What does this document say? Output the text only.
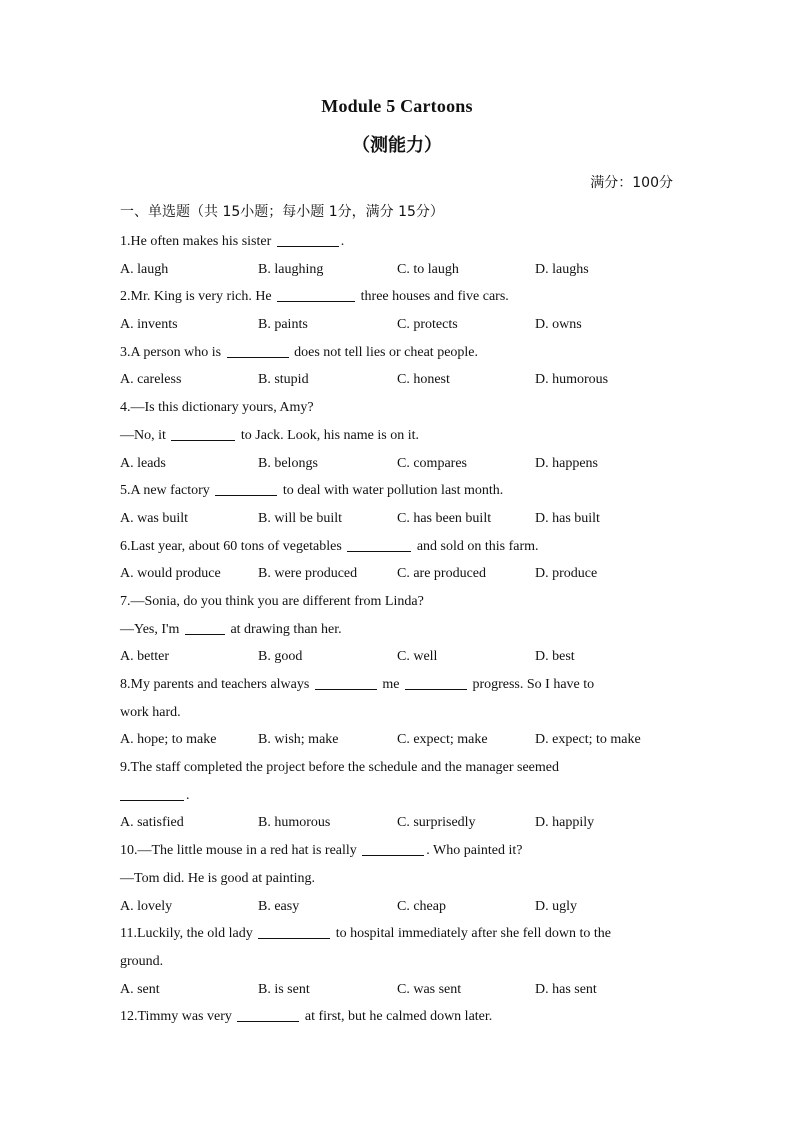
Module 5 Cartoons
（测能力）
满分：100分
一、单选题（共 15小题；每小题 1分，满分 15分）
1.He often makes his sister	.
A. laugh	B. laughing	C. to laugh	D. laughs
2.Mr. King is very rich. He	three houses and five cars.
A. invents	B. paints	C. protects	D. owns
3.A person who is	does not tell lies or cheat people.
A. careless	B. stupid	C. honest	D. humorous
4.—Is this dictionary yours, Amy?
—No, it	to Jack. Look, his name is on it.
A. leads	B. belongs	C. compares	D. happens
5.A new factory	to deal with water pollution last month.
A. was built	B. will be built	C. has been built	D. has built
6.Last year, about 60 tons of vegetables	and sold on this farm.
A. would produce	B. were produced	C. are produced	D. produce
7.—Sonia, do you think you are different from Linda?
—Yes, I'm	at drawing than her.
A. better	B. good	C. well	D. best
8.My parents and teachers always	me	progress. So I have to
work hard.
A. hope; to make	B. wish; make	C. expect; make	D. expect; to make
9.The staff completed the project before the schedule and the manager seemed
.
A. satisfied	B. humorous	C. surprisedly	D. happily
10.—The little mouse in a red hat is really	. Who painted it?
—Tom did. He is good at painting.
A. lovely	B. easy	C. cheap	D. ugly
11.Luckily, the old lady	to hospital immediately after she fell down to the
ground.
A. sent	B. is sent	C. was sent	D. has sent
12.Timmy was very	at first, but he calmed down later.
